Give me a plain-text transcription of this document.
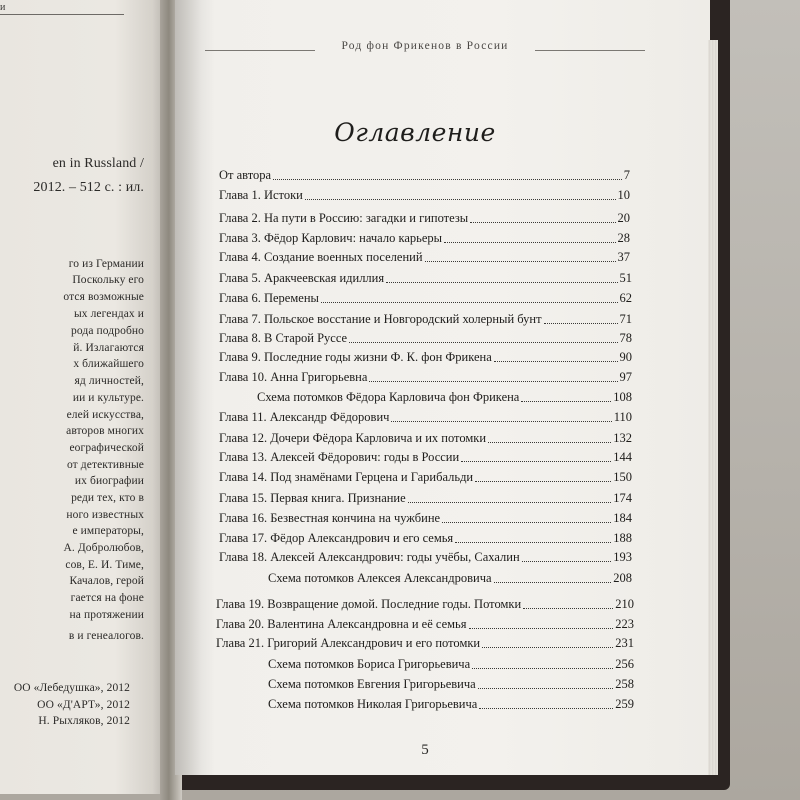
и
en in Russland /
2012. – 512 с. : ил.
го из Германии
Поскольку его
отся возможные
ых легендах и
рода подробно
й. Излагаются
х ближайшего
яд личностей,
ии и культуре.
елей искусства,
авторов многих
еографической
от детективные
их биографии
реди тех, кто в
ного известных
е императоры,
А. Добролюбов,
сов, Е. И. Тиме,
Качалов, герой
гается на фоне
на протяжении
в и генеалогов.
ОО «Лебедушка», 2012
ОО «Д'АРТ», 2012
Н. Рыхляков, 2012
Род фон Фрикенов в России
Оглавление
От автора	7
Глава 1. Истоки	10
Глава 2. На пути в Россию: загадки и гипотезы	20
Глава 3. Фёдор Карлович: начало карьеры	28
Глава 4. Создание военных поселений	37
Глава 5. Аракчеевская идиллия	51
Глава 6. Перемены	62
Глава 7. Польское восстание и Новгородский холерный бунт	71
Глава 8. В Старой Руссе	78
Глава 9. Последние годы жизни Ф. К. фон Фрикена	90
Глава 10. Анна Григорьевна	97
Схема потомков Фёдора Карловича фон Фрикена	108
Глава 11. Александр Фёдорович	110
Глава 12. Дочери Фёдора Карловича и их потомки	132
Глава 13. Алексей Фёдорович: годы в России	144
Глава 14. Под знамёнами Герцена и Гарибальди	150
Глава 15. Первая книга. Признание	174
Глава 16. Безвестная кончина на чужбине	184
Глава 17. Фёдор Александрович и его семья	188
Глава 18. Алексей Александрович: годы учёбы, Сахалин	193
Схема потомков Алексея Александровича	208
Глава 19. Возвращение домой. Последние годы. Потомки	210
Глава 20. Валентина Александровна и её семья	223
Глава 21. Григорий Александрович и его потомки	231
Схема потомков Бориса Григорьевича	256
Схема потомков Евгения Григорьевича	258
Схема потомков Николая Григорьевича	259
5
